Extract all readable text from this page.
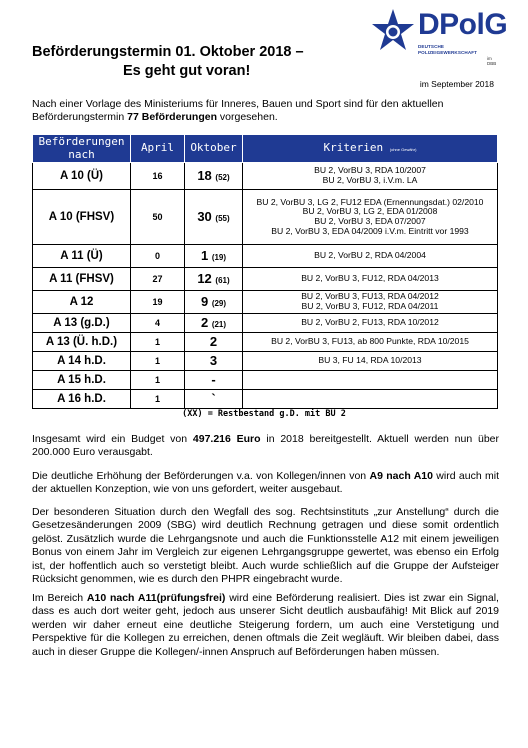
DPolG
DEUTSCHE POLIZEIGEWERKSCHAFT
im DBB
Beförderungstermin 01. Oktober 2018 –
Es geht gut voran!
im September 2018
Nach einer Vorlage des Ministeriums für Inneres, Bauen und Sport sind für den aktuellen Beförderungstermin 77 Beförderungen vorgesehen.
Beförderungen nach	April	Oktober	Kriterien (ohne Gewähr)
A 10 (Ü)	16	18 (52)	BU 2, VorBU 3, RDA 10/2007
BU 2, VorBU 3, i.V.m. LA

A 10 (FHSV)	50	30 (55)	BU 2, VorBU 3, LG 2, FU12 EDA (Ernennungsdat.) 02/2010
BU 2, VorBU 3, LG 2, EDA 01/2008
BU 2, VorBU 3, EDA 07/2007
BU 2, VorBU 3, EDA 04/2009 i.V.m. Eintritt vor 1993

A 11 (Ü)	0	1 (19)	BU 2, VorBU 2, RDA 04/2004

A 11 (FHSV)	27	12 (61)	BU 2, VorBU 3, FU12, RDA 04/2013

A 12	19	9 (29)	BU 2, VorBU 3, FU13, RDA 04/2012
BU 2, VorBU 3, FU12, RDA 04/2011

A 13 (g.D.)	4	2 (21)	BU 2, VorBU 2, FU13, RDA 10/2012

A 13 (Ü. h.D.)	1	2	BU 2, VorBU 3, FU13, ab 800 Punkte, RDA 10/2015

A 14 h.D.	1	3	BU 3, FU 14, RDA 10/2013

A 15 h.D.	1	-	
A 16 h.D.	1	`	
(XX) = Restbestand g.D. mit BU 2
Insgesamt wird ein Budget von 497.216 Euro in 2018 bereitgestellt. Aktuell werden nun über 200.000 Euro verausgabt.
Die deutliche Erhöhung der Beförderungen v.a. von Kollegen/innen von A9 nach A10 wird auch mit der aktuellen Konzeption, wie von uns gefordert, weiter ausgebaut.
Der besonderen Situation durch den Wegfall des sog. Rechtsinstituts „zur Anstellung“ durch die Gesetzesänderungen 2009 (SBG) wird deutlich Rechnung getragen und diese somit ordentlich gelöst. Zusätzlich wurde die Lehrgangsnote und auch die Funktionsstelle A12 mit einem jeweiligen Bonus von einem Jahr im Vergleich zur eigenen Lehrgangsgruppe gewertet, was ebenso ein Erfolg ist, der hoffentlich auch so verstetigt bleibt. Auch wurde schließlich auf die Gruppe der Aufsteiger Rücksicht genommen, wie es durch den PHPR eingebracht wurde.
Im Bereich A10 nach A11(prüfungsfrei) wird eine Beförderung realisiert. Dies ist zwar ein Signal, dass es auch dort weiter geht, jedoch aus unserer Sicht deutlich ausbaufähig! Mit Blick auf 2019 werden wir daher erneut eine deutliche Steigerung fordern, um auch eine Verstetigung und Perspektive für die Kollegen zu erreichen, denen oftmals die Zeit wegläuft. Wir bleiben dabei, dass auch in dieser Gruppe die Kollegen/-innen Anspruch auf Beförderungen haben müssen.
